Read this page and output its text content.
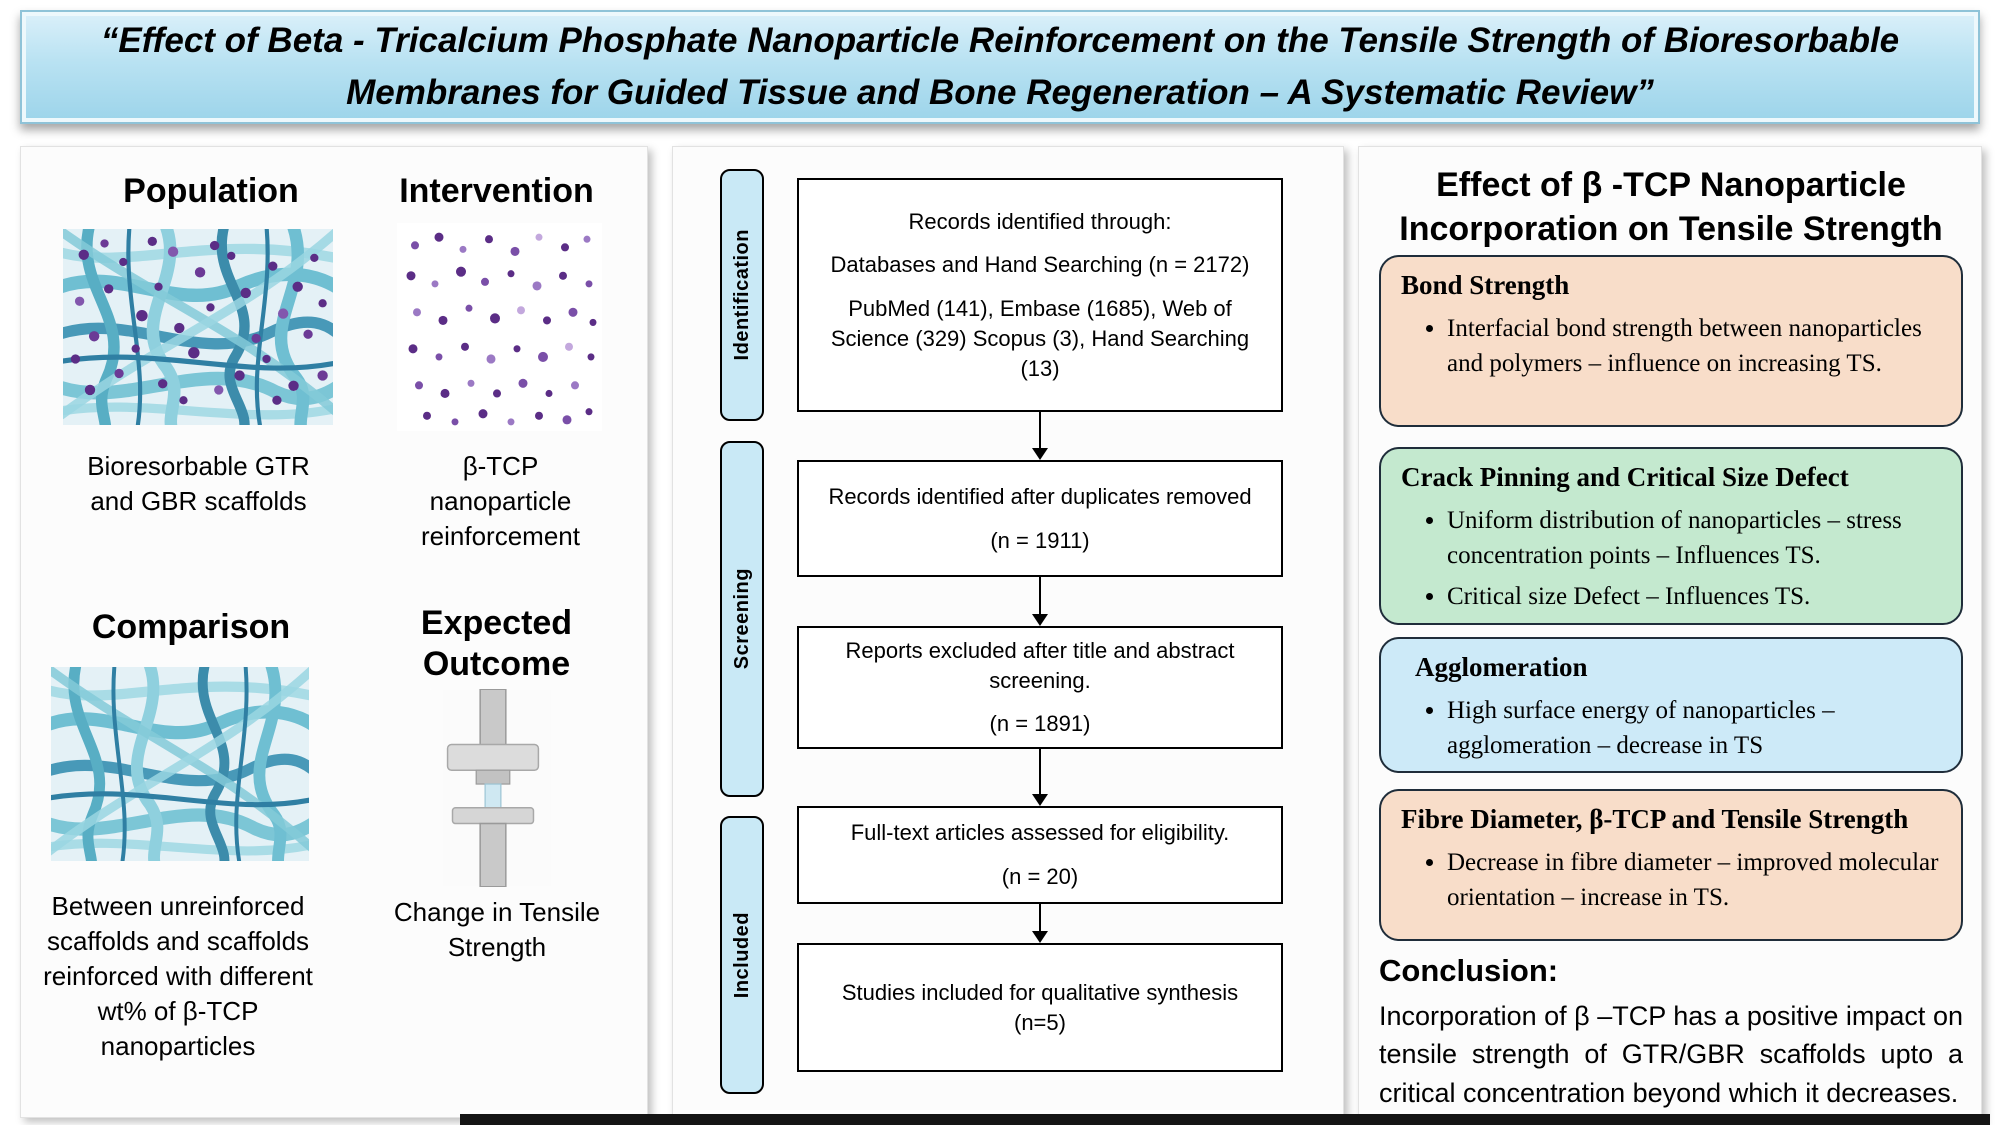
“Effect of Beta - Tricalcium Phosphate Nanoparticle Reinforcement on the Tensile Strength of Bioresorbable Membranes for Guided Tissue and Bone Regeneration – A Systematic Review”
Population
Bioresorbable GTR and GBR scaffolds
Intervention
β-TCP nanoparticle reinforcement
Comparison
Between unreinforced scaffolds and scaffolds reinforced with different wt% of β-TCP nanoparticles
Expected Outcome
Change in Tensile Strength
Identification
Screening
Included

Records identified through:

Databases and Hand Searching (n = 2172)

PubMed (141), Embase (1685), Web of Science (329) Scopus (3), Hand Searching (13)

Records identified after duplicates removed

(n = 1911)

Reports excluded after title and abstract screening.

(n = 1891)

Full-text articles assessed for eligibility.

(n = 20)

Studies included for qualitative synthesis (n=5)

Effect of β -TCP Nanoparticle Incorporation on Tensile Strength
Bond Strength
• Interfacial bond strength between nanoparticles and polymers – influence on increasing TS.
Crack Pinning and Critical Size Defect
• Uniform distribution of nanoparticles – stress concentration points – Influences TS.
• Critical size Defect – Influences TS.
Agglomeration
• High surface energy of nanoparticles – agglomeration – decrease in TS
Fibre Diameter, β-TCP and Tensile Strength
• Decrease in fibre diameter – improved molecular orientation – increase in TS.
Conclusion:
Incorporation of β –TCP has a positive impact on tensile strength of GTR/GBR scaffolds upto a critical concentration beyond which it decreases.
